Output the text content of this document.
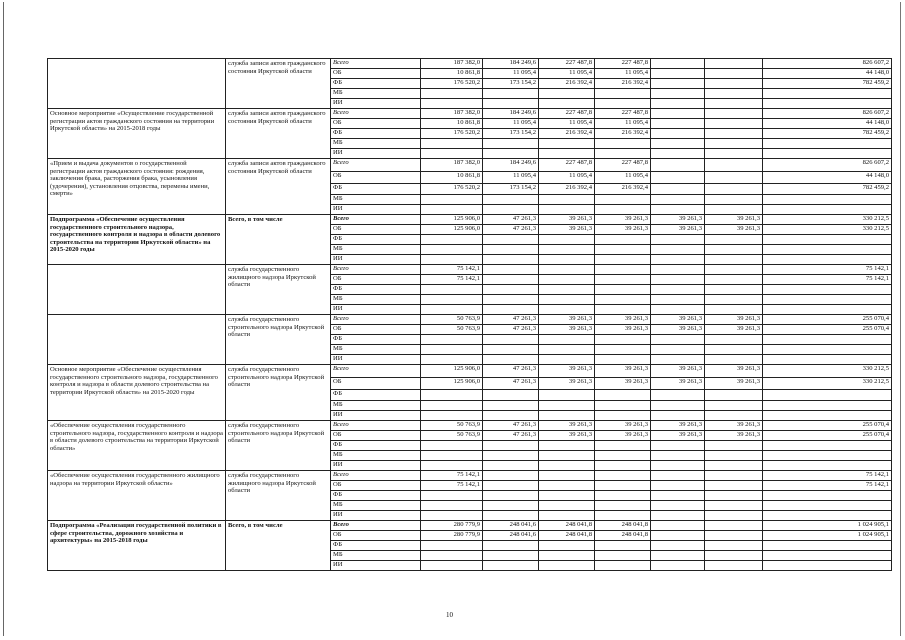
	служба записи актов гражданского состояния Иркутской области	Всего	187 382,0	184 249,6	227 487,8	227 487,8			826 607,2
		ОБ	10 861,8	11 095,4	11 095,4	11 095,4			44 148,0
		ФБ	176 520,2	173 154,2	216 392,4	216 392,4			782 459,2
		МБ							
		ИИ							
Основное мероприятие «Осуществление государственной регистрации актов гражданского состояния на территории Иркутской области» на 2015-2018 годы	служба записи актов гражданского состояния Иркутской области	Всего	187 382,0	184 249,6	227 487,8	227 487,8			826 607,2
		ОБ	10 861,8	11 095,4	11 095,4	11 095,4			44 148,0
		ФБ	176 520,2	173 154,2	216 392,4	216 392,4			782 459,2
		МБ							
		ИИ							
«Прием и выдача документов о государственной регистрации актов гражданского состояния: рождения, заключения брака, расторжения брака, усыновления (удочерения), установления отцовства, перемены имени, смерти»	служба записи актов гражданского состояния Иркутской области	Всего	187 382,0	184 249,6	227 487,8	227 487,8			826 607,2
		ОБ	10 861,8	11 095,4	11 095,4	11 095,4			44 148,0
		ФБ	176 520,2	173 154,2	216 392,4	216 392,4			782 459,2
		МБ							
		ИИ							
Подпрограмма «Обеспечение осуществления государственного строительного надзора, государственного контроля и надзора в области долевого строительства на территории Иркутской области» на 2015-2020 годы	Всего, в том числе	Всего	125 906,0	47 261,3	39 261,3	39 261,3	39 261,3	39 261,3	330 212,5
		ОБ	125 906,0	47 261,3	39 261,3	39 261,3	39 261,3	39 261,3	330 212,5
		ФБ							
		МБ							
		ИИ							
	служба государственного жилищного надзора Иркутской области	Всего	75 142,1						75 142,1
		ОБ	75 142,1						75 142,1
		ФБ							
		МБ							
		ИИ							
	служба государственного строительного надзора Иркутской области	Всего	50 763,9	47 261,3	39 261,3	39 261,3	39 261,3	39 261,3	255 070,4
		ОБ	50 763,9	47 261,3	39 261,3	39 261,3	39 261,3	39 261,3	255 070,4
		ФБ							
		МБ							
		ИИ							
Основное мероприятие «Обеспечение осуществления государственного строительного надзора, государственного контроля и надзора в области долевого строительства на территории Иркутской области» на 2015-2020 годы	служба государственного строительного надзора Иркутской области	Всего	125 906,0	47 261,3	39 261,3	39 261,3	39 261,3	39 261,3	330 212,5
		ОБ	125 906,0	47 261,3	39 261,3	39 261,3	39 261,3	39 261,3	330 212,5
		ФБ							
		МБ							
		ИИ							
«Обеспечение осуществления государственного строительного надзора, государственного контроля и надзора в области долевого строительства на территории Иркутской области»	служба государственного строительного надзора Иркутской области	Всего	50 763,9	47 261,3	39 261,3	39 261,3	39 261,3	39 261,3	255 070,4
		ОБ	50 763,9	47 261,3	39 261,3	39 261,3	39 261,3	39 261,3	255 070,4
		ФБ							
		МБ							
		ИИ							
«Обеспечение осуществления государственного жилищного надзора на территории Иркутской области»	служба государственного жилищного надзора Иркутской области	Всего	75 142,1						75 142,1
		ОБ	75 142,1						75 142,1
		ФБ							
		МБ							
		ИИ							
Подпрограмма «Реализация государственной политики в сфере строительства, дорожного хозяйства и архитектуры» на 2015-2018 годы	Всего, в том числе	Всего	280 779,9	248 041,6	248 041,8	248 041,8			1 024 905,1
		ОБ	280 779,9	248 041,6	248 041,8	248 041,8			1 024 905,1
		ФБ							
		МБ							
		ИИ							
10
